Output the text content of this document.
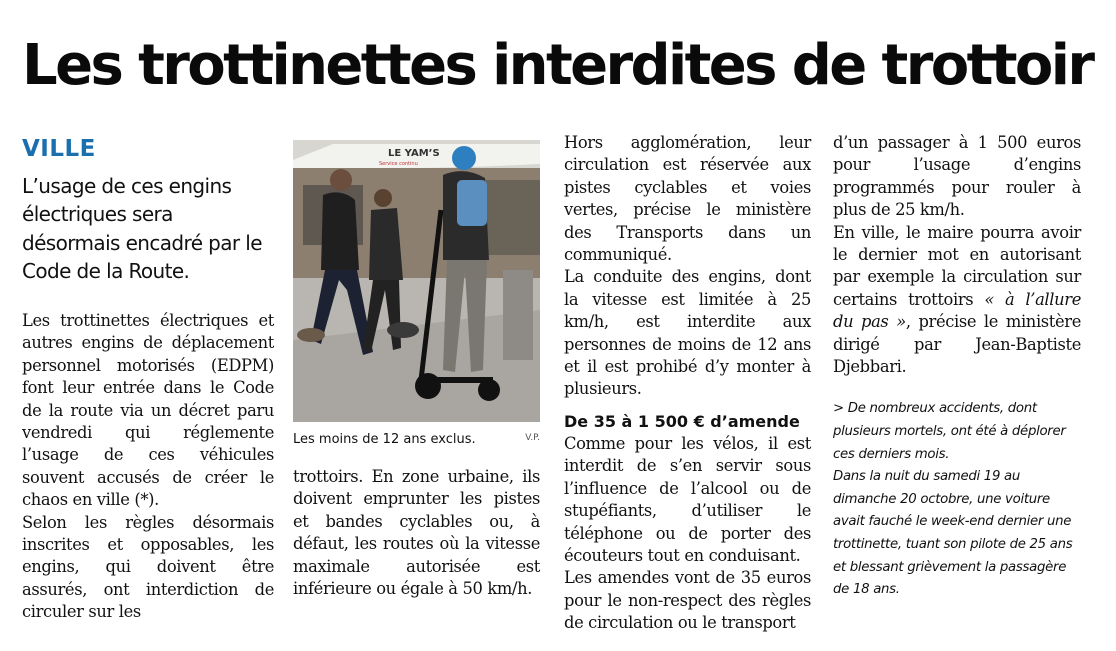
Les trottinettes interdites de trottoir
VILLE

L’usage de ces engins électriques sera désormais encadré par le Code de la Route.

Les trottinettes électriques et autres engins de déplacement personnel motorisés (EDPM) font leur entrée dans le Code de la route via un décret paru vendredi qui réglemente l’usage de ces véhicules souvent accusés de créer le chaos en ville (*).

Selon les règles désormais inscrites et opposables, les engins, qui doivent être assurés, ont interdiction de circuler sur les

LE YAM’S
Service continu
Les moins de 12 ans exclus.	V.P.

trottoirs. En zone urbaine, ils doivent emprunter les pistes et bandes cyclables ou, à défaut, les routes où la vitesse maximale autorisée est inférieure ou égale à 50 km/h.

Hors agglomération, leur circulation est réservée aux pistes cyclables et voies vertes, précise le ministère des Transports dans un communiqué.

La conduite des engins, dont la vitesse est limitée à 25 km/h, est interdite aux personnes de moins de 12 ans et il est prohibé d’y monter à plusieurs.

De 35 à 1 500 € d’amende

Comme pour les vélos, il est interdit de s’en servir sous l’influence de l’alcool ou de stupéfiants, d’utiliser le téléphone ou de porter des écouteurs tout en conduisant.

Les amendes vont de 35 euros pour le non-respect des règles de circulation ou le transport

d’un passager à 1 500 euros pour l’usage d’engins programmés pour rouler à plus de 25 km/h.

En ville, le maire pourra avoir le dernier mot en autorisant par exemple la circulation sur certains trottoirs « à l’allure du pas », précise le ministère dirigé par Jean-Baptiste Djebbari.

> De nombreux accidents, dont plusieurs mortels, ont été à déplorer ces derniers mois.

Dans la nuit du samedi 19 au dimanche 20 octobre, une voiture avait fauché le week-end dernier une trottinette, tuant son pilote de 25 ans et blessant grièvement la passagère de 18 ans.
